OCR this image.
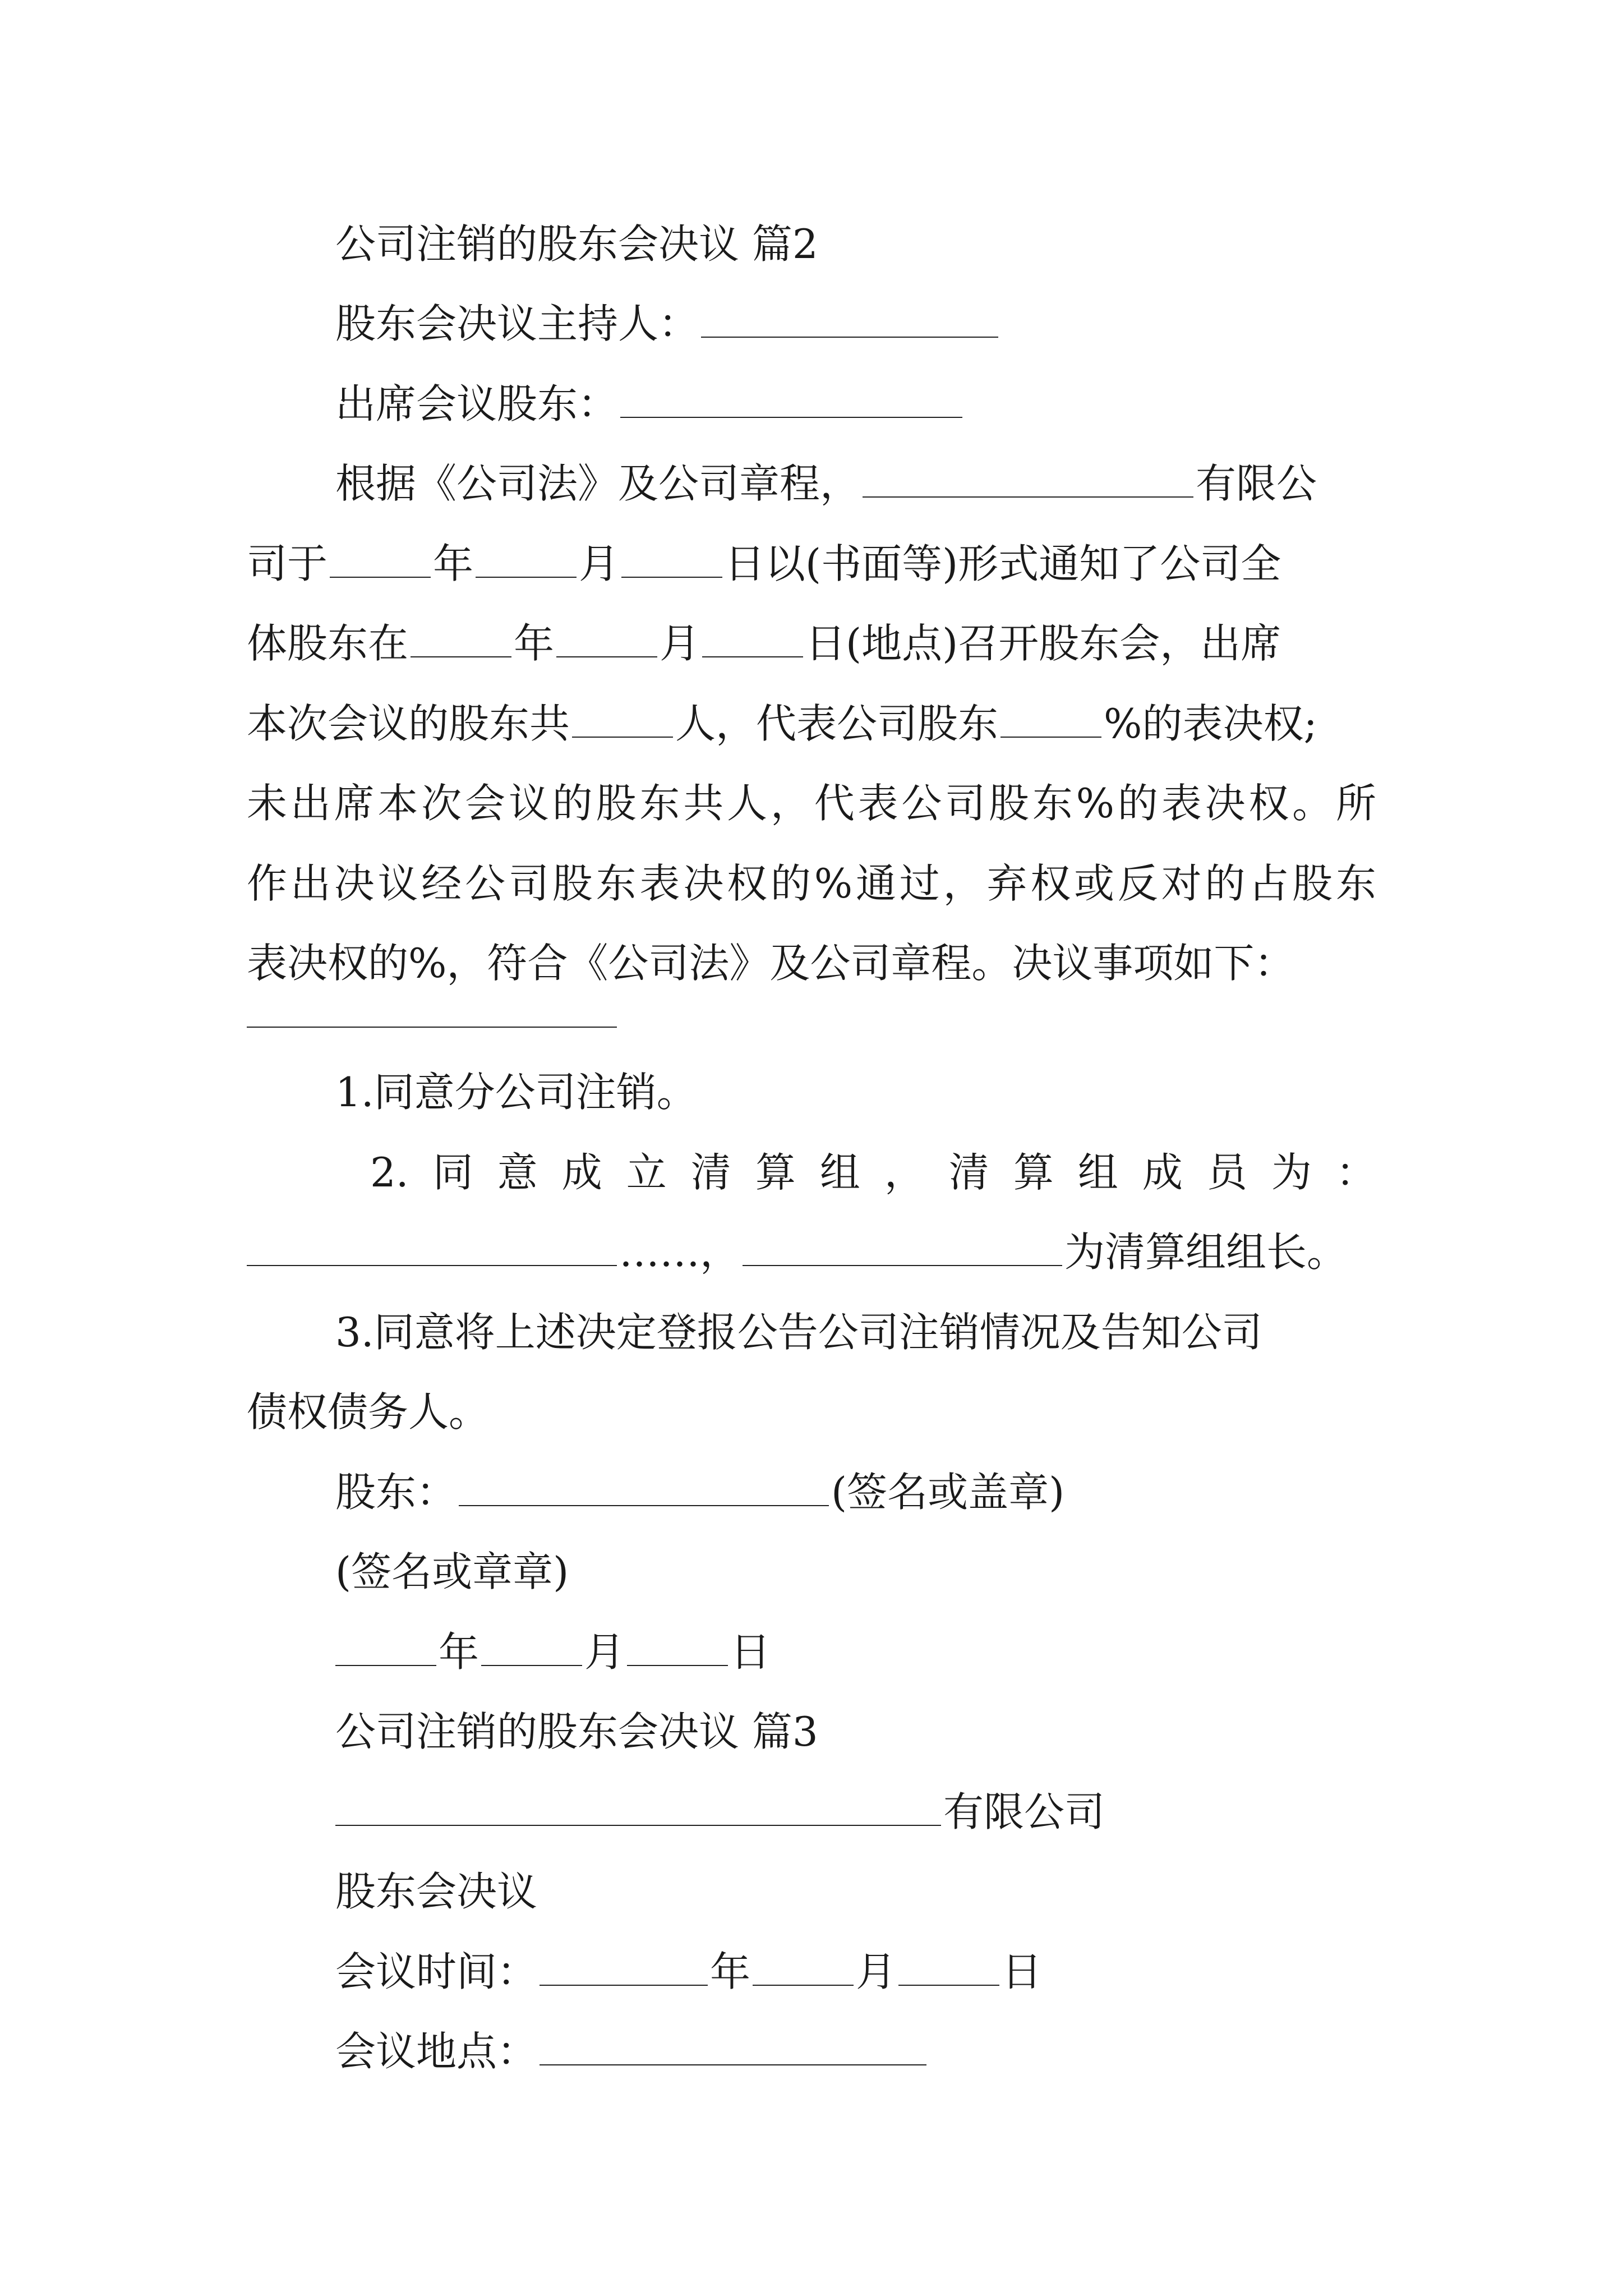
公司注销的股东会决议 篇2
股东会决议主持人：
出席会议股东：
根据《公司法》及公司章程，	有限公
司于	年	月	日以(书面等)形式通知了公司全
体股东在	年	月	日(地点)召开股东会，出席
本次会议的股东共	人，代表公司股东	%的表决权;
未出席本次会议的股东共人，代表公司股东%的表决权。所
作出决议经公司股东表决权的%通过，弃权或反对的占股东
表决权的%，符合《公司法》及公司章程。决议事项如下：
1.同意分公司注销。
2.同意成立清算组，清算组成员为：
……，	为清算组组长。
3.同意将上述决定登报公告公司注销情况及告知公司
债权债务人。
股东：	(签名或盖章)
(签名或章章)
年	月	日
公司注销的股东会决议 篇3
有限公司
股东会决议
会议时间：	年	月	日
会议地点：
